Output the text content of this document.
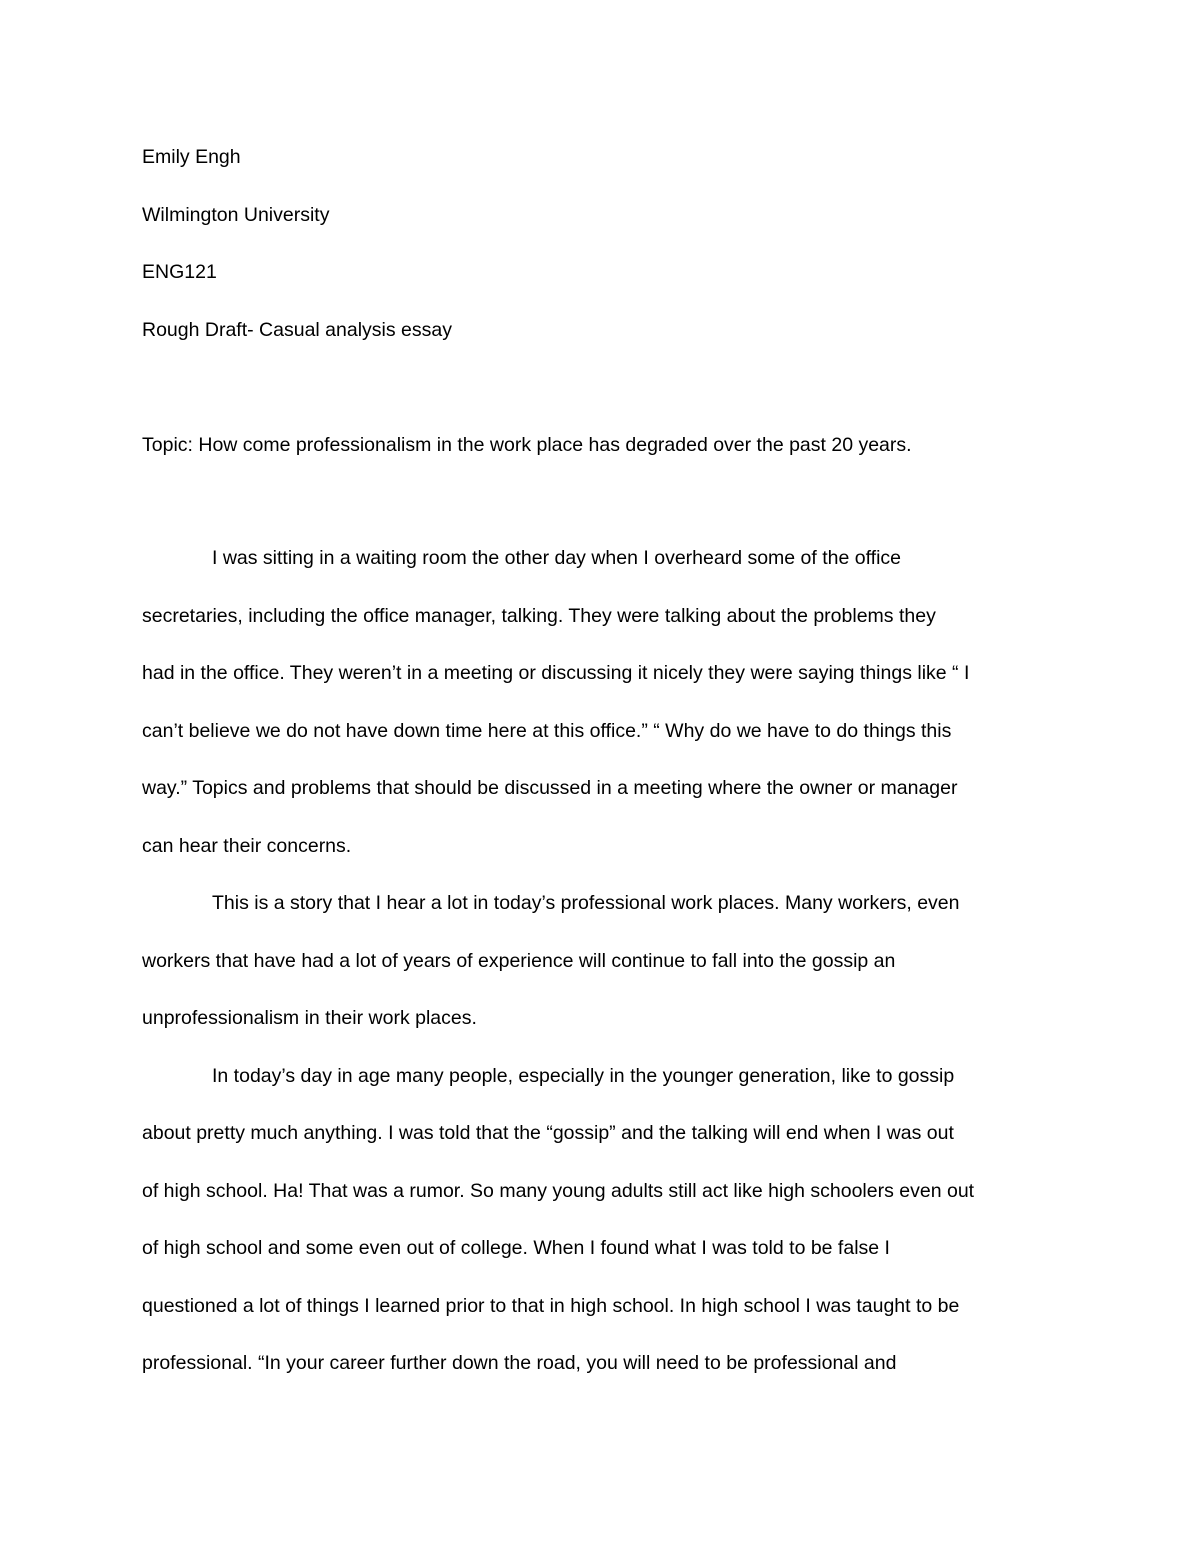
Emily Engh
Wilmington University
ENG121
Rough Draft- Casual analysis essay
Topic: How come professionalism in the work place has degraded over the past 20 years.
I was sitting in a waiting room the other day when I overheard some of the office
secretaries, including the office manager, talking. They were talking about the problems they
had in the office. They weren’t in a meeting or discussing it nicely they were saying things like “ I
can’t believe we do not have down time here at this office.” “ Why do we have to do things this
way.” Topics and problems that should be discussed in a meeting where the owner or manager
can hear their concerns.
This is a story that I hear a lot in today’s professional work places. Many workers, even
workers that have had a lot of years of experience will continue to fall into the gossip an
unprofessionalism in their work places.
In today’s day in age many people, especially in the younger generation, like to gossip
about pretty much anything. I was told that the “gossip” and the talking will end when I was out
of high school. Ha! That was a rumor. So many young adults still act like high schoolers even out
of high school and some even out of college. When I found what I was told to be false I
questioned a lot of things I learned prior to that in high school. In high school I was taught to be
professional. “In your career further down the road, you will need to be professional and
